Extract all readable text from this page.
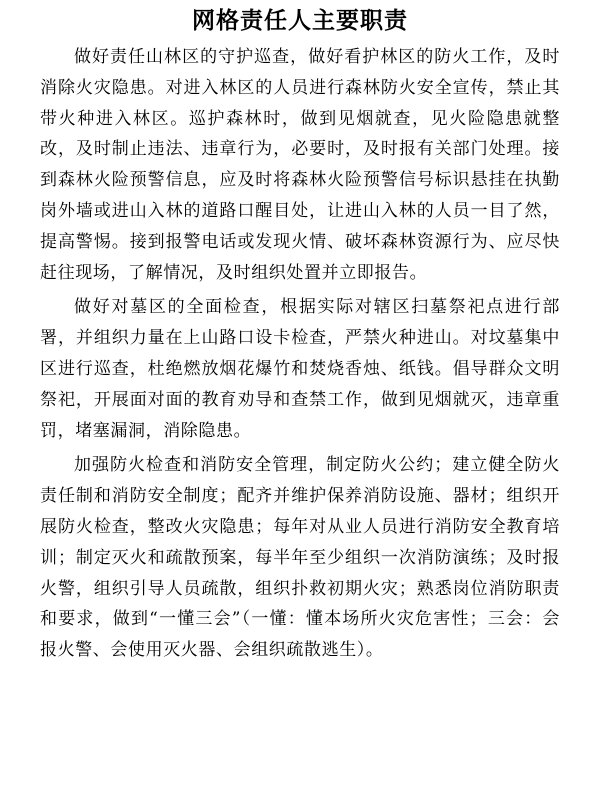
网格责任人主要职责

做好责任山林区的守护巡查，做好看护林区的防火工作，及时消除火灾隐患。对进入林区的人员进行森林防火安全宣传，禁止其带火种进入林区。巡护森林时，做到见烟就查，见火险隐患就整改，及时制止违法、违章行为，必要时，及时报有关部门处理。接到森林火险预警信息，应及时将森林火险预警信号标识悬挂在执勤岗外墙或进山入林的道路口醒目处，让进山入林的人员一目了然，提高警惕。接到报警电话或发现火情、破坏森林资源行为、应尽快赶往现场，了解情况，及时组织处置并立即报告。

做好对墓区的全面检查，根据实际对辖区扫墓祭祀点进行部署，并组织力量在上山路口设卡检查，严禁火种进山。对坟墓集中区进行巡查，杜绝燃放烟花爆竹和焚烧香烛、纸钱。倡导群众文明祭祀，开展面对面的教育劝导和查禁工作，做到见烟就灭，违章重罚，堵塞漏洞，消除隐患。

加强防火检查和消防安全管理，制定防火公约；建立健全防火责任制和消防安全制度；配齐并维护保养消防设施、器材；组织开展防火检查，整改火灾隐患；每年对从业人员进行消防安全教育培训；制定灭火和疏散预案，每半年至少组织一次消防演练；及时报火警，组织引导人员疏散，组织扑救初期火灾；熟悉岗位消防职责和要求，做到“一懂三会”（一懂：懂本场所火灾危害性；三会：会报火警、会使用灭火器、会组织疏散逃生）。
